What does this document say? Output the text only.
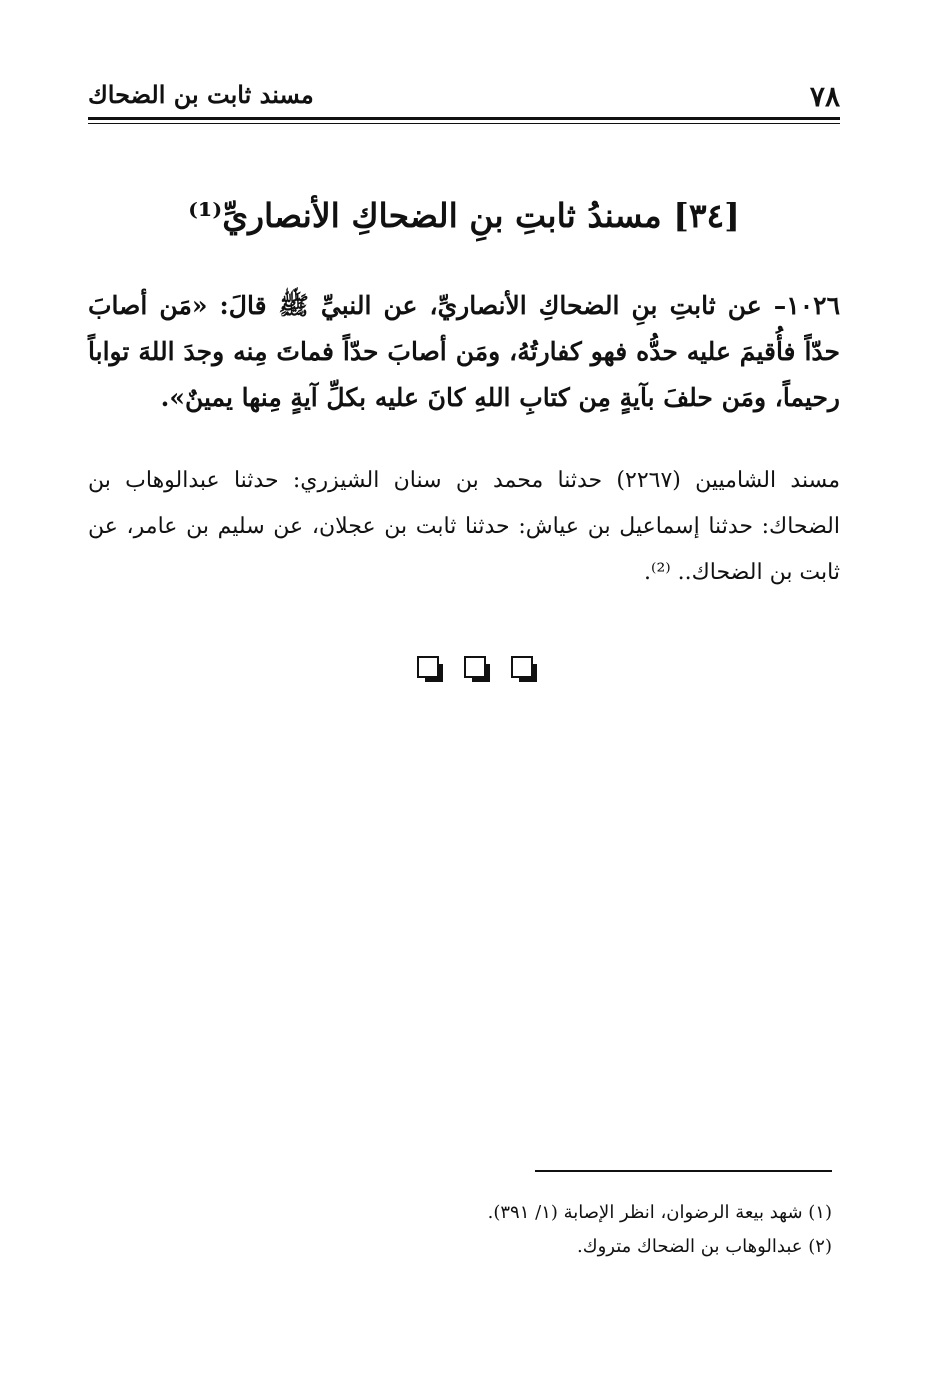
٧٨
مسند ثابت بن الضحاك
[٣٤] مسندُ ثابتِ بنِ الضحاكِ الأنصاريِّ⁽¹⁾
١٠٢٦– عن ثابتِ بنِ الضحاكِ الأنصاريِّ، عن النبيِّ ﷺ قالَ: «مَن أصابَ حدّاً فأُقيمَ عليه حدُّه فهو كفارتُهُ، ومَن أصابَ حدّاً فماتَ مِنه وجدَ اللهَ تواباً رحيماً، ومَن حلفَ بآيةٍ مِن كتابِ اللهِ كانَ عليه بكلِّ آيةٍ مِنها يمينٌ».
مسند الشاميين (٢٢٦٧) حدثنا محمد بن سنان الشيزري: حدثنا عبدالوهاب بن الضحاك: حدثنا إسماعيل بن عياش: حدثنا ثابت بن عجلان، عن سليم بن عامر، عن ثابت بن الضحاك.. ⁽²⁾.

(١) شهد بيعة الرضوان، انظر الإصابة (١/ ٣٩١).
(٢) عبدالوهاب بن الضحاك متروك.
